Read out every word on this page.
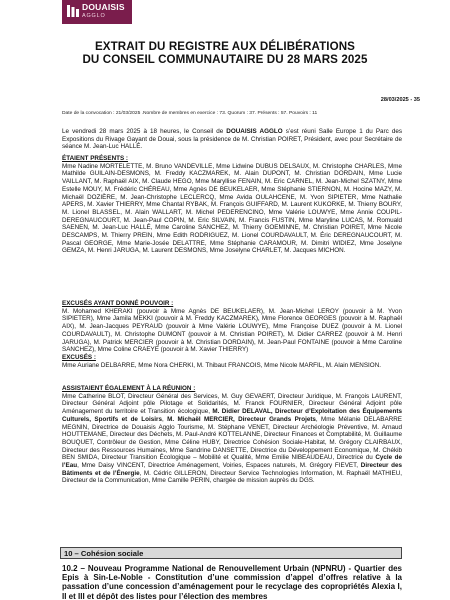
DOUAISIS
AGGLO
EXTRAIT DU REGISTRE AUX DÉLIBÉRATIONS
DU CONSEIL COMMUNAUTAIRE DU 28 MARS 2025
28/03/2025 - 35
Date de la convocation : 21/03/2025 .Nombre de membres en exercice : 73. Quorum : 37. Présents : 57. Pouvoirs : 11
Le vendredi 28 mars 2025 à 18 heures, le Conseil de DOUAISIS AGGLO s’est réuni Salle Europe 1 du Parc des Expositions du Rivage Gayant de Douai, sous la présidence de M. Christian POIRET, Président, avec pour Secrétaire de séance M. Jean-Luc HALLÉ.
ÉTAIENT PRÉSENTS :
Mme Nadine MORTELETTE, M. Bruno VANDEVILLE, Mme Lidwine DUBUS DELSAUX, M. Christophe CHARLES, Mme Mathilde GUILAIN-DESMONS, M. Freddy KACZMAREK, M. Alain DUPONT, M. Christian DORDAIN, Mme Lucie VAILLANT, M. Raphaël AIX, M. Claude HEGO, Mme Maryllise FENAIN, M. Eric CARNEL, M. Jean-Michel SZATNY, Mme Estelle MOUY, M. Frédéric CHÉREAU, Mme Agnès DE BEUKELAER, Mme Stéphanie STIERNON, M. Hocine MAZY, M. Michaël DOZIÈRE, M. Jean-Christophe LECLERCQ, Mme Avida OULAHCENE, M. Yvon SIPIETER, Mme Nathalie APERS, M. Xavier THIERRY, Mme Chantal RYBAK, M. François GUIFFARD, M. Laurent KUKORKE, M. Thierry BOURY, M. Lionel BLASSEL, M. Alain WALLART, M. Michel PEDERENCINO, Mme Valérie LOUWYE, Mme Annie COUPIL-DEREGNAUCOURT, M. Jean-Paul COPIN, M. Eric SILVAIN, M. Francis FUSTIN, Mme Maryline LUCAS, M. Romuald SAENEN, M. Jean-Luc HALLÉ, Mme Caroline SANCHEZ, M. Thierry GOEMINNE, M. Christian POIRET, Mme Nicole DESCAMPS, M. Thierry PREIN, Mme Edith RODRIGUEZ, M. Lionel COURDAVAULT, M. Éric DEREGNAUCOURT, M. Pascal GEORGE, Mme Marie-Josée DELATTRE, Mme Stéphanie CARAMOUR, M. Dimitri WIDIEZ, Mme Joselyne GEMZA, M. Henri JARUGA, M. Laurent DESMONS, Mme Joselyne CHARLET, M. Jacques MICHON.
EXCUSÉS AYANT DONNÉ POUVOIR :
M. Mohamed KHERAKI (pouvoir à Mme Agnès DE BEUKELAER), M. Jean-Michel LEROY (pouvoir à M. Yvon SIPIETER), Mme Jamila MEKKI (pouvoir à M. Freddy KACZMAREK), Mme Florence GEORGES (pouvoir à M. Raphaël AIX), M. Jean-Jacques PEYRAUD (pouvoir à Mme Valérie LOUWYE), Mme Françoise DUEZ (pouvoir à M. Lionel COURDAVAULT), M. Christophe DUMONT (pouvoir à M. Christian POIRET), M. Didier CARREZ (pouvoir à M. Henri JARUGA), M. Patrick MERCIER (pouvoir à M. Christian DORDAIN), M. Jean-Paul FONTAINE (pouvoir à Mme Caroline SANCHEZ), Mme Coline CRAEYE (pouvoir à M. Xavier THIERRY)
EXCUSÉS :
Mme Auriane DELBARRE, Mme Nora CHERKI, M. Thibaut FRANCOIS, Mme Nicole MARFIL, M. Alain MENSION.
ASSISTAIENT ÉGALEMENT À LA RÉUNION :
Mme Catherine BLOT, Directeur Général des Services, M. Guy GEVAERT, Directeur Juridique, M. François LAURENT, Directeur Général Adjoint pôle Pilotage et Solidarités, M. Franck FOURNIER, Directeur Général Adjoint pôle Aménagement du territoire et Transition écologique, M. Didier DELAVAL, Directeur d’Exploitation des Équipements Culturels, Sportifs et de Loisirs, M. Michaël MERCIER, Directeur Grands Projets, Mme Mélanie DELABARRE MEGNIN, Directrice de Douaisis Agglo Tourisme, M. Stéphane VENET, Directeur Archéologie Préventive, M. Arnaud HOUTTEMANE, Directeur des Déchets, M. Paul-André KOTTELANNE, Directeur Finances et Comptabilité, M. Guillaume BOUQUET, Contrôleur de Gestion, Mme Céline HUBY, Directrice Cohésion Sociale-Habitat, M. Grégory CLAIRBAUX, Directeur des Ressources Humaines, Mme Sandrine DANSETTE, Directrice du Développement Economique, M. Chékib BEN SMIDA, Directeur Transition Écologique – Mobilité et Qualité, Mme Emilie NIBEAUDEAU, Directrice du Cycle de l’Eau, Mme Daisy VINCENT, Directrice Aménagement, Voiries, Espaces naturels, M. Grégory FIEVET, Directeur des Bâtiments et de l’Énergie, M. Cédric GILLERON, Directeur Service Technologies Information, M. Raphaël MATHIEU, Directeur de la Communication, Mme Camille PERIN, chargée de mission auprès du DGS.
10 – Cohésion sociale
10.2 – Nouveau Programme National de Renouvellement Urbain (NPNRU) - Quartier des Epis à Sin-Le-Noble - Constitution d’une commission d’appel d’offres relative à la passation d’une concession d’aménagement pour le recyclage des copropriétés Alexia I, II et III et dépôt des listes pour l’élection des membres
